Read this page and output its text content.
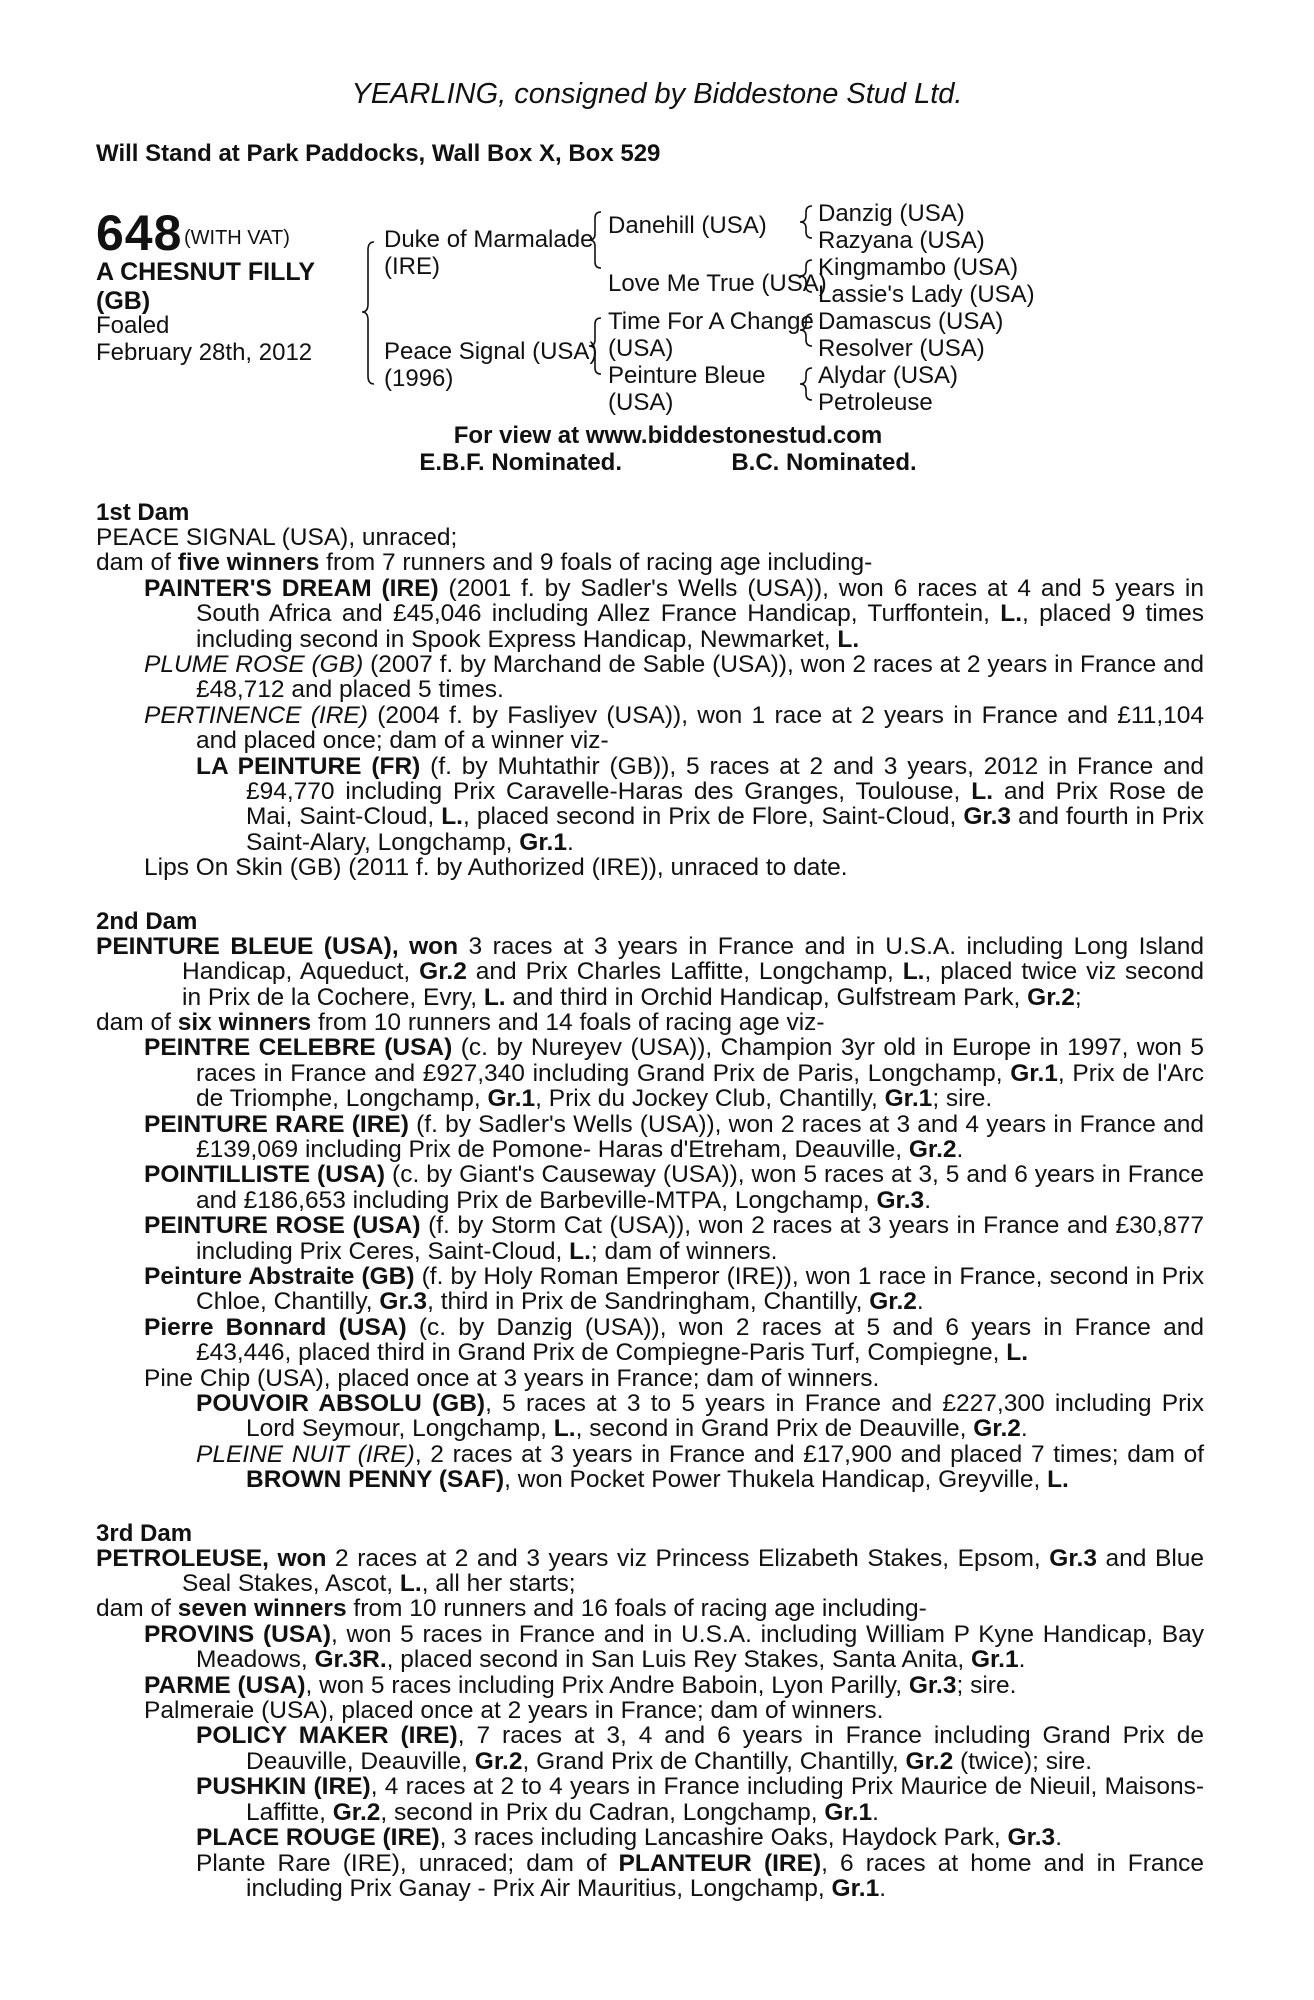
YEARLING, consigned by Biddestone Stud Ltd.
Will Stand at Park Paddocks, Wall Box X, Box 529
648 (WITH VAT)
A CHESNUT FILLY
(GB)
Foaled
February 28th, 2012
Duke of Marmalade
(IRE)
Peace Signal (USA)
(1996)
Danehill (USA)
Love Me True (USA)
Time For A Change
(USA)
Peinture Bleue
(USA)
Danzig (USA)
Razyana (USA)
Kingmambo (USA)
Lassie's Lady (USA)
Damascus (USA)
Resolver (USA)
Alydar (USA)
Petroleuse
For view at www.biddestonestud.com
E.B.F. Nominated.	B.C. Nominated.
1st Dam
PEACE SIGNAL (USA), unraced;
dam of five winners from 7 runners and 9 foals of racing age including-
PAINTER'S DREAM (IRE) (2001 f. by Sadler's Wells (USA)), won 6 races at 4 and 5 years in South Africa and £45,046 including Allez France Handicap, Turffontein, L., placed 9 times including second in Spook Express Handicap, Newmarket, L.
PLUME ROSE (GB) (2007 f. by Marchand de Sable (USA)), won 2 races at 2 years in France and £48,712 and placed 5 times.
PERTINENCE (IRE) (2004 f. by Fasliyev (USA)), won 1 race at 2 years in France and £11,104 and placed once; dam of a winner viz-
LA PEINTURE (FR) (f. by Muhtathir (GB)), 5 races at 2 and 3 years, 2012 in France and £94,770 including Prix Caravelle-Haras des Granges, Toulouse, L. and Prix Rose de Mai, Saint-Cloud, L., placed second in Prix de Flore, Saint-Cloud, Gr.3 and fourth in Prix Saint-Alary, Longchamp, Gr.1.
Lips On Skin (GB) (2011 f. by Authorized (IRE)), unraced to date.
2nd Dam
PEINTURE BLEUE (USA), won 3 races at 3 years in France and in U.S.A. including Long Island Handicap, Aqueduct, Gr.2 and Prix Charles Laffitte, Longchamp, L., placed twice viz second in Prix de la Cochere, Evry, L. and third in Orchid Handicap, Gulfstream Park, Gr.2;
dam of six winners from 10 runners and 14 foals of racing age viz-
PEINTRE CELEBRE (USA) (c. by Nureyev (USA)), Champion 3yr old in Europe in 1997, won 5 races in France and £927,340 including Grand Prix de Paris, Longchamp, Gr.1, Prix de l'Arc de Triomphe, Longchamp, Gr.1, Prix du Jockey Club, Chantilly, Gr.1; sire.
PEINTURE RARE (IRE) (f. by Sadler's Wells (USA)), won 2 races at 3 and 4 years in France and £139,069 including Prix de Pomone- Haras d'Etreham, Deauville, Gr.2.
POINTILLISTE (USA) (c. by Giant's Causeway (USA)), won 5 races at 3, 5 and 6 years in France and £186,653 including Prix de Barbeville-MTPA, Longchamp, Gr.3.
PEINTURE ROSE (USA) (f. by Storm Cat (USA)), won 2 races at 3 years in France and £30,877 including Prix Ceres, Saint-Cloud, L.; dam of winners.
Peinture Abstraite (GB) (f. by Holy Roman Emperor (IRE)), won 1 race in France, second in Prix Chloe, Chantilly, Gr.3, third in Prix de Sandringham, Chantilly, Gr.2.
Pierre Bonnard (USA) (c. by Danzig (USA)), won 2 races at 5 and 6 years in France and £43,446, placed third in Grand Prix de Compiegne-Paris Turf, Compiegne, L.
Pine Chip (USA), placed once at 3 years in France; dam of winners.
POUVOIR ABSOLU (GB), 5 races at 3 to 5 years in France and £227,300 including Prix Lord Seymour, Longchamp, L., second in Grand Prix de Deauville, Gr.2.
PLEINE NUIT (IRE), 2 races at 3 years in France and £17,900 and placed 7 times; dam of BROWN PENNY (SAF), won Pocket Power Thukela Handicap, Greyville, L.
3rd Dam
PETROLEUSE, won 2 races at 2 and 3 years viz Princess Elizabeth Stakes, Epsom, Gr.3 and Blue Seal Stakes, Ascot, L., all her starts;
dam of seven winners from 10 runners and 16 foals of racing age including-
PROVINS (USA), won 5 races in France and in U.S.A. including William P Kyne Handicap, Bay Meadows, Gr.3R., placed second in San Luis Rey Stakes, Santa Anita, Gr.1.
PARME (USA), won 5 races including Prix Andre Baboin, Lyon Parilly, Gr.3; sire.
Palmeraie (USA), placed once at 2 years in France; dam of winners.
POLICY MAKER (IRE), 7 races at 3, 4 and 6 years in France including Grand Prix de Deauville, Deauville, Gr.2, Grand Prix de Chantilly, Chantilly, Gr.2 (twice); sire.
PUSHKIN (IRE), 4 races at 2 to 4 years in France including Prix Maurice de Nieuil, Maisons-Laffitte, Gr.2, second in Prix du Cadran, Longchamp, Gr.1.
PLACE ROUGE (IRE), 3 races including Lancashire Oaks, Haydock Park, Gr.3.
Plante Rare (IRE), unraced; dam of PLANTEUR (IRE), 6 races at home and in France including Prix Ganay - Prix Air Mauritius, Longchamp, Gr.1.
